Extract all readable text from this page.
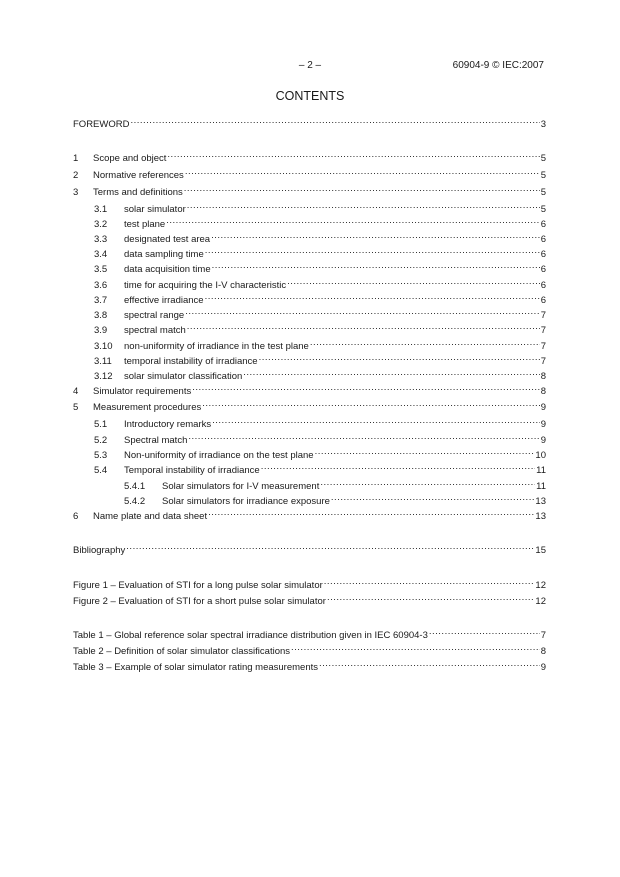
– 2 –	60904-9 © IEC:2007
CONTENTS
FOREWORD .....	3
1	Scope and object .....	5
2	Normative references .....	5
3	Terms and definitions .....	5
3.1	solar simulator .....	5
3.2	test plane .....	6
3.3	designated test area .....	6
3.4	data sampling time .....	6
3.5	data acquisition time .....	6
3.6	time for acquiring the I-V characteristic .....	6
3.7	effective irradiance .....	6
3.8	spectral range .....	7
3.9	spectral match .....	7
3.10	non-uniformity of irradiance in the test plane .....	7
3.11	temporal instability of irradiance .....	7
3.12	solar simulator classification .....	8
4	Simulator requirements .....	8
5	Measurement procedures .....	9
5.1	Introductory remarks .....	9
5.2	Spectral match .....	9
5.3	Non-uniformity of irradiance on the test plane .....	10
5.4	Temporal instability of irradiance .....	11
5.4.1	Solar simulators for I-V measurement .....	11
5.4.2	Solar simulators for irradiance exposure .....	13
6	Name plate and data sheet .....	13
Bibliography .....	15
Figure 1 – Evaluation of STI for a long pulse solar simulator .....	12
Figure 2 – Evaluation of STI for a short pulse solar simulator .....	12
Table 1 – Global reference solar spectral irradiance distribution given in IEC 60904-3 .....	7
Table 2 – Definition of solar simulator classifications .....	8
Table 3 – Example of solar simulator rating measurements .....	9
